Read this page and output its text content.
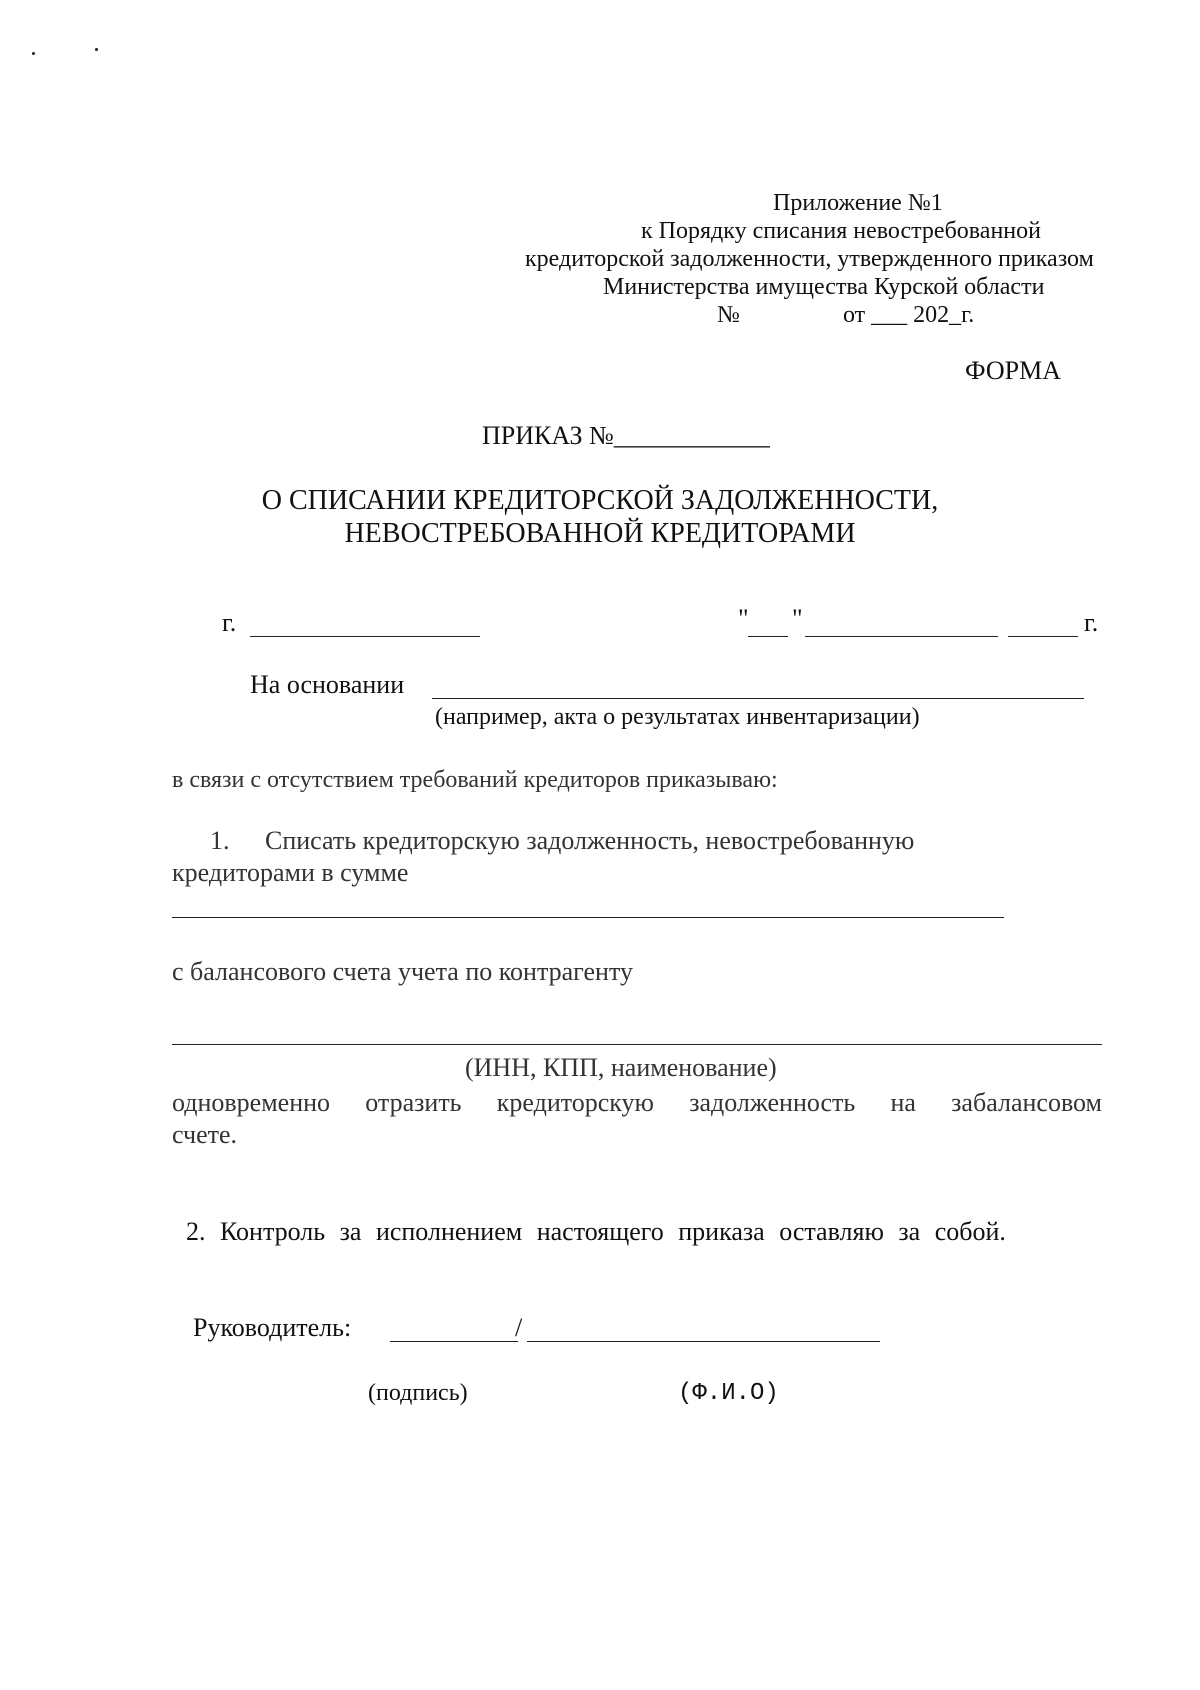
Приложение №1
к Порядку списания невостребованной
кредиторской задолженности, утвержденного приказом
Министерства имущества Курской области
№	от ___ 202_г.
ФОРМА
ПРИКАЗ №____________
О СПИСАНИИ КРЕДИТОРСКОЙ ЗАДОЛЖЕННОСТИ,
НЕВОСТРЕБОВАННОЙ КРЕДИТОРАМИ
г.	" "	г.
На основании
(например, акта о результатах инвентаризации)
в связи с отсутствием требований кредиторов приказываю:
1. Списать кредиторскую задолженность, невостребованную
кредиторами в сумме
с балансового счета учета по контрагенту
(ИНН, КПП, наименование)
одновременно отразить кредиторскую задолженность на забалансовом
счете.
2. Контроль за исполнением настоящего приказа оставляю за собой.
Руководитель:	/
(подпись)	(Ф.И.О)
